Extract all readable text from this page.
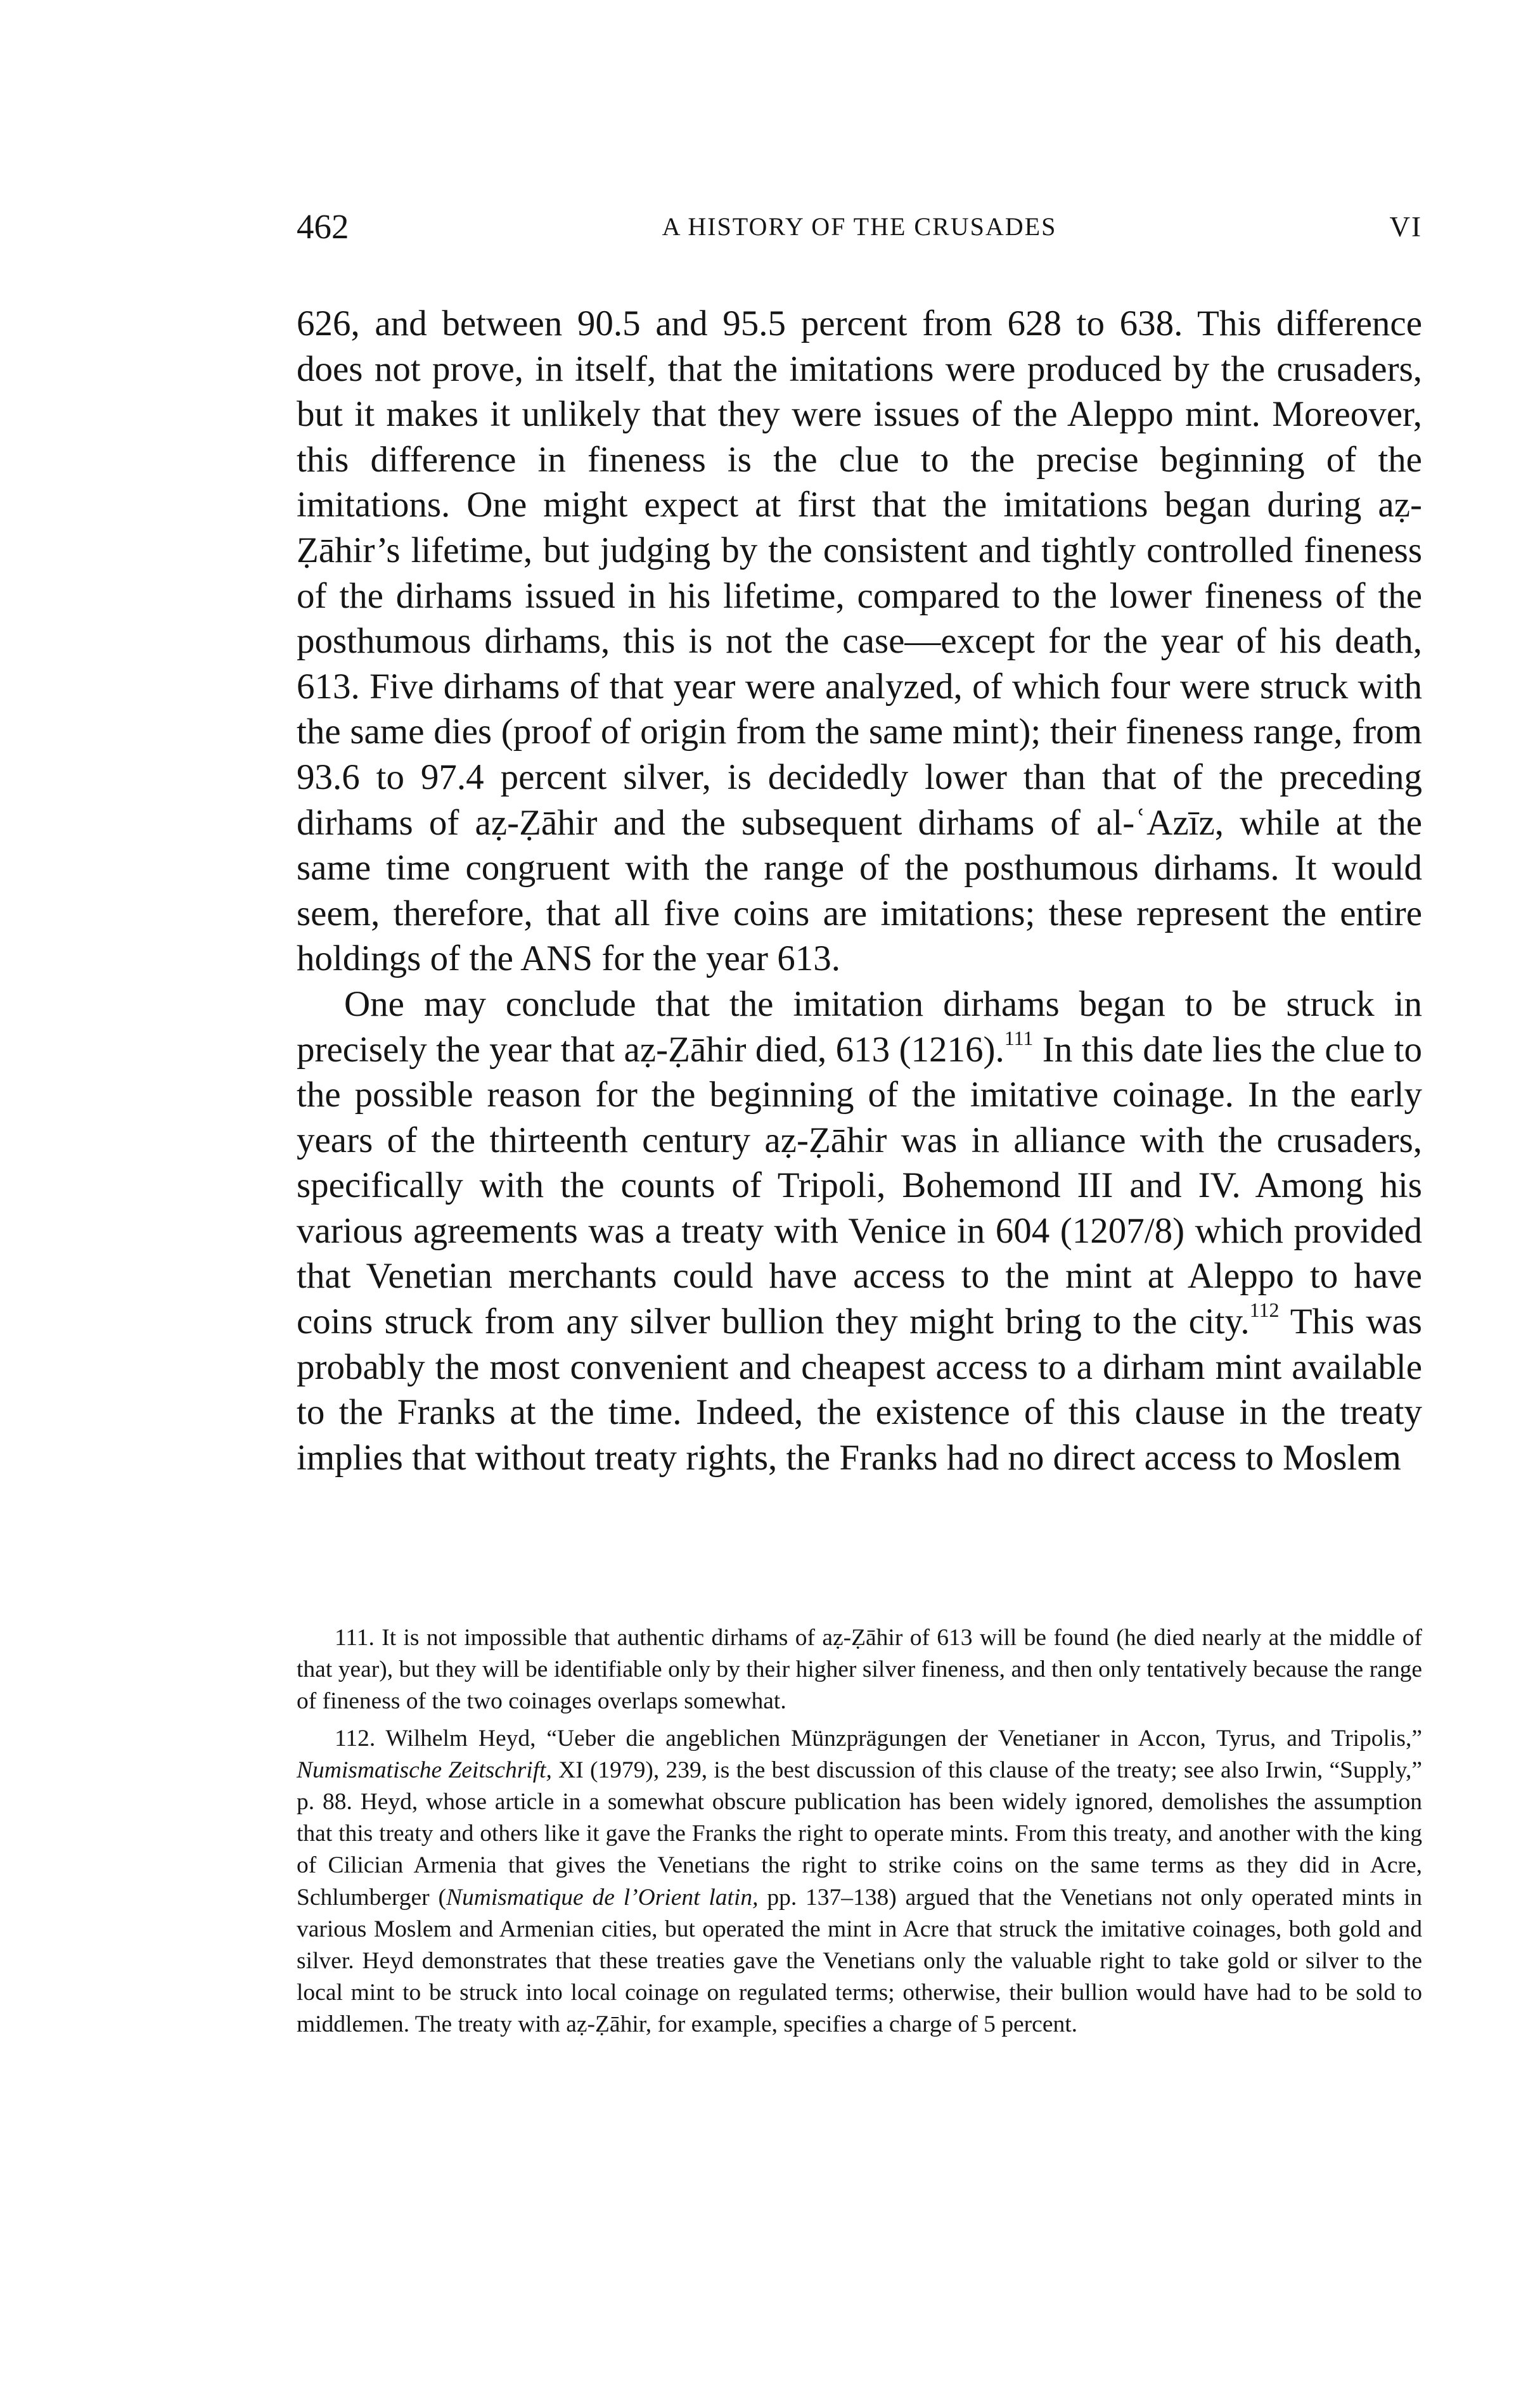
462	A HISTORY OF THE CRUSADES	VI

626, and between 90.5 and 95.5 percent from 628 to 638. This difference does not prove, in itself, that the imitations were produced by the crusaders, but it makes it unlikely that they were issues of the Aleppo mint. Moreover, this difference in fineness is the clue to the precise beginning of the imitations. One might expect at first that the imitations began during aẓ-Ẓāhir’s lifetime, but judging by the consistent and tightly controlled fineness of the dirhams issued in his lifetime, compared to the lower fineness of the posthumous dirhams, this is not the case—except for the year of his death, 613. Five dirhams of that year were analyzed, of which four were struck with the same dies (proof of origin from the same mint); their fineness range, from 93.6 to 97.4 percent silver, is decidedly lower than that of the preceding dirhams of aẓ-Ẓāhir and the subsequent dirhams of al-ʿAzīz, while at the same time congruent with the range of the posthumous dirhams. It would seem, therefore, that all five coins are imitations; these represent the entire holdings of the ANS for the year 613.

One may conclude that the imitation dirhams began to be struck in precisely the year that aẓ-Ẓāhir died, 613 (1216).$^{111}$ In this date lies the clue to the possible reason for the beginning of the imitative coinage. In the early years of the thirteenth century aẓ-Ẓāhir was in alliance with the crusaders, specifically with the counts of Tripoli, Bohemond III and IV. Among his various agreements was a treaty with Venice in 604 (1207/8) which provided that Venetian merchants could have access to the mint at Aleppo to have coins struck from any silver bullion they might bring to the city.$^{112}$ This was probably the most convenient and cheapest access to a dirham mint available to the Franks at the time. Indeed, the existence of this clause in the treaty implies that without treaty rights, the Franks had no direct access to Moslem

111. It is not impossible that authentic dirhams of aẓ-Ẓāhir of 613 will be found (he died nearly at the middle of that year), but they will be identifiable only by their higher silver fineness, and then only tentatively because the range of fineness of the two coinages overlaps somewhat.

112. Wilhelm Heyd, “Ueber die angeblichen Münzprägungen der Venetianer in Accon, Tyrus, and Tripolis,” Numismatische Zeitschrift, XI (1979), 239, is the best discussion of this clause of the treaty; see also Irwin, “Supply,” p. 88. Heyd, whose article in a somewhat obscure publication has been widely ignored, demolishes the assumption that this treaty and others like it gave the Franks the right to operate mints. From this treaty, and another with the king of Cilician Armenia that gives the Venetians the right to strike coins on the same terms as they did in Acre, Schlumberger (Numismatique de l’Orient latin, pp. 137–138) argued that the Venetians not only operated mints in various Moslem and Armenian cities, but operated the mint in Acre that struck the imitative coinages, both gold and silver. Heyd demonstrates that these treaties gave the Venetians only the valuable right to take gold or silver to the local mint to be struck into local coinage on regulated terms; otherwise, their bullion would have had to be sold to middlemen. The treaty with aẓ-Ẓāhir, for example, specifies a charge of 5 percent.
